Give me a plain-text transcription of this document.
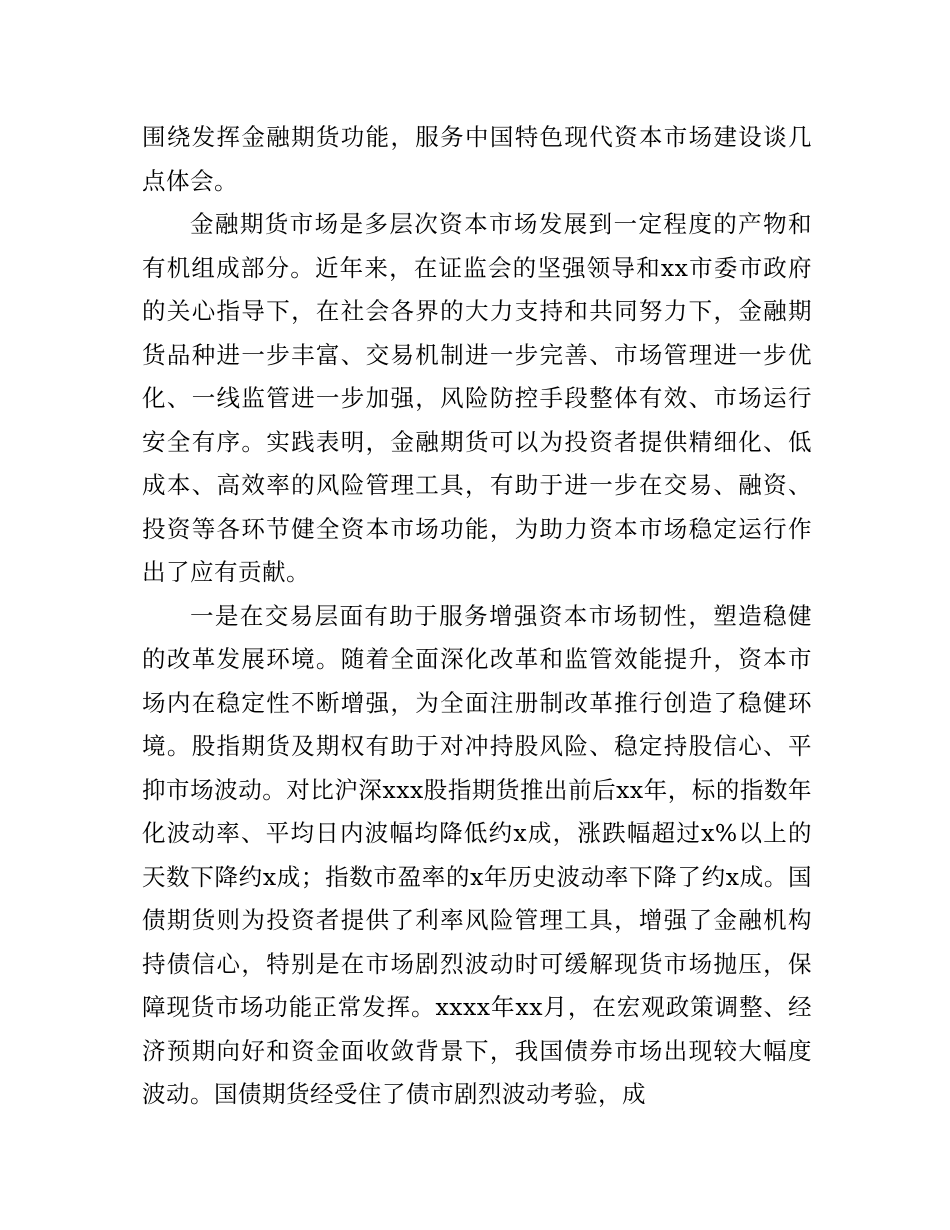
围绕发挥金融期货功能，服务中国特色现代资本市场建设谈几点体会。

金融期货市场是多层次资本市场发展到一定程度的产物和有机组成部分。近年来，在证监会的坚强领导和xx市委市政府的关心指导下，在社会各界的大力支持和共同努力下，金融期货品种进一步丰富、交易机制进一步完善、市场管理进一步优化、一线监管进一步加强，风险防控手段整体有效、市场运行安全有序。实践表明，金融期货可以为投资者提供精细化、低成本、高效率的风险管理工具，有助于进一步在交易、融资、投资等各环节健全资本市场功能，为助力资本市场稳定运行作出了应有贡献。

一是在交易层面有助于服务增强资本市场韧性，塑造稳健的改革发展环境。随着全面深化改革和监管效能提升，资本市场内在稳定性不断增强，为全面注册制改革推行创造了稳健环境。股指期货及期权有助于对冲持股风险、稳定持股信心、平抑市场波动。对比沪深xxx股指期货推出前后xx年，标的指数年化波动率、平均日内波幅均降低约x成，涨跌幅超过x%以上的天数下降约x成；指数市盈率的x年历史波动率下降了约x成。国债期货则为投资者提供了利率风险管理工具，增强了金融机构持债信心，特别是在市场剧烈波动时可缓解现货市场抛压，保障现货市场功能正常发挥。xxxx年xx月，在宏观政策调整、经济预期向好和资金面收敛背景下，我国债券市场出现较大幅度波动。国债期货经受住了债市剧烈波动考验，成
